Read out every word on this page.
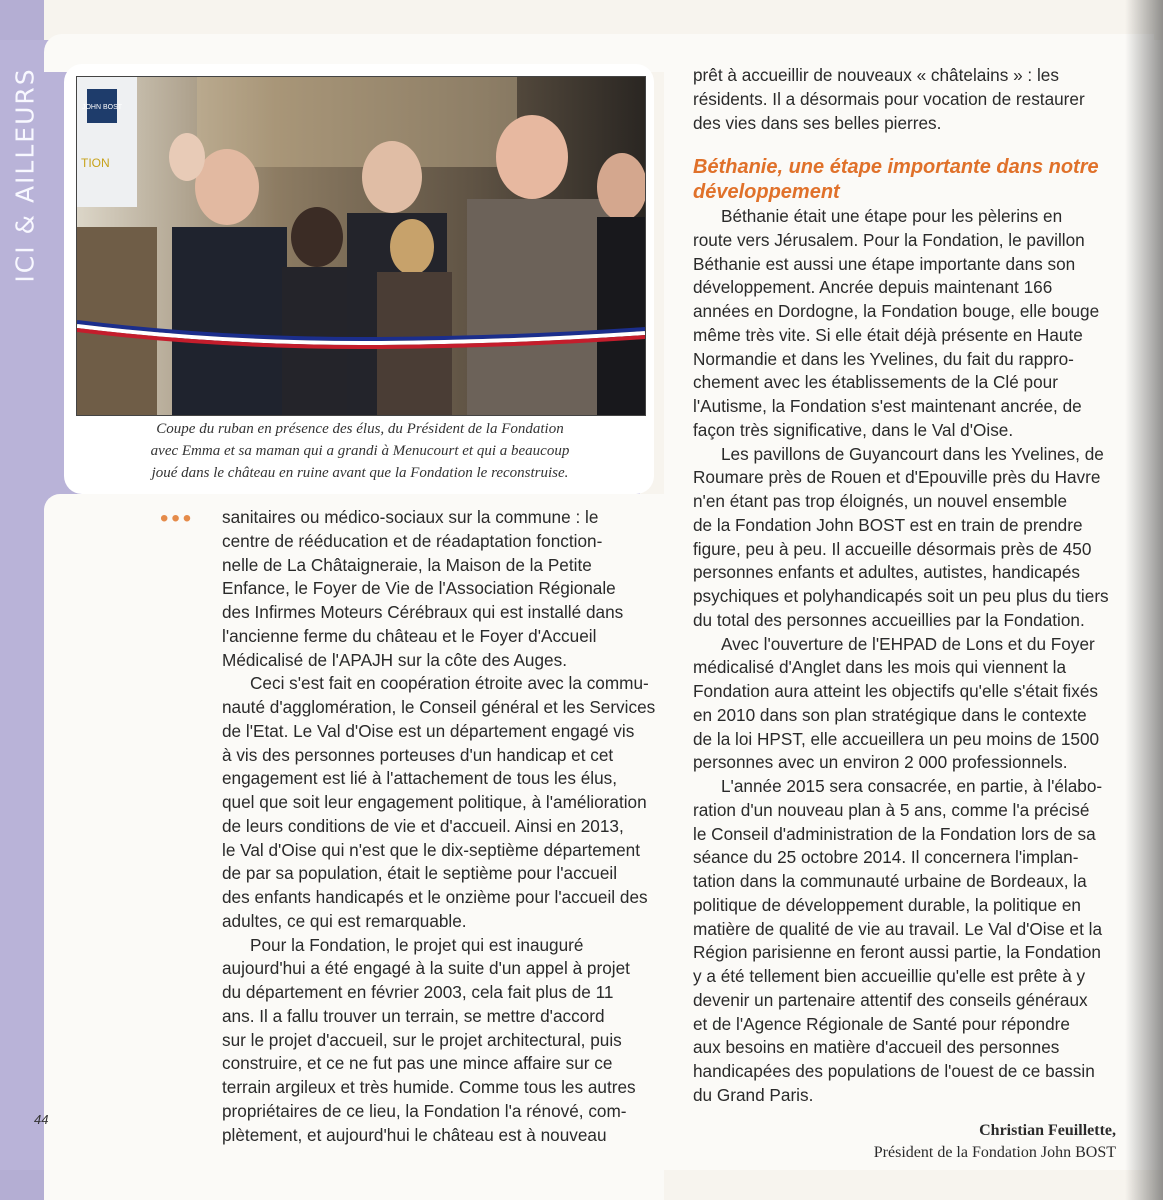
ICI & AILLEURS	JOHN BOST
TION
Coupe du ruban en présence des élus, du Président de la Fondation
avec Emma et sa maman qui a grandi à Menucourt et qui a beaucoup
joué dans le château en ruine avant que la Fondation le reconstruise.
•••	sanitaires ou médico-sociaux sur la commune : le
centre de rééducation et de réadaptation fonction-
nelle de La Châtaigneraie, la Maison de la Petite
Enfance, le Foyer de Vie de l'Association Régionale
des Infirmes Moteurs Cérébraux qui est installé dans
l'ancienne ferme du château et le Foyer d'Accueil
Médicalisé de l'APAJH sur la côte des Auges.
Ceci s'est fait en coopération étroite avec la commu-
nauté d'agglomération, le Conseil général et les Services
de l'Etat. Le Val d'Oise est un département engagé vis
à vis des personnes porteuses d'un handicap et cet
engagement est lié à l'attachement de tous les élus,
quel que soit leur engagement politique, à l'amélioration
de leurs conditions de vie et d'accueil. Ainsi en 2013,
le Val d'Oise qui n'est que le dix-septième département
de par sa population, était le septième pour l'accueil
des enfants handicapés et le onzième pour l'accueil des
adultes, ce qui est remarquable.
Pour la Fondation, le projet qui est inauguré
aujourd'hui a été engagé à la suite d'un appel à projet
du département en février 2003, cela fait plus de 11
ans. Il a fallu trouver un terrain, se mettre d'accord
sur le projet d'accueil, sur le projet architectural, puis
construire, et ce ne fut pas une mince affaire sur ce
terrain argileux et très humide. Comme tous les autres
propriétaires de ce lieu, la Fondation l'a rénové, com-
plètement, et aujourd'hui le château est à nouveau
prêt à accueillir de nouveaux « châtelains » : les
résidents. Il a désormais pour vocation de restaurer
des vies dans ses belles pierres.
Béthanie, une étape importante dans notre
développement
Béthanie était une étape pour les pèlerins en
route vers Jérusalem. Pour la Fondation, le pavillon
Béthanie est aussi une étape importante dans son
développement. Ancrée depuis maintenant 166
années en Dordogne, la Fondation bouge, elle bouge
même très vite. Si elle était déjà présente en Haute
Normandie et dans les Yvelines, du fait du rappro-
chement avec les établissements de la Clé pour
l'Autisme, la Fondation s'est maintenant ancrée, de
façon très significative, dans le Val d'Oise.
Les pavillons de Guyancourt dans les Yvelines, de
Roumare près de Rouen et d'Epouville près du Havre
n'en étant pas trop éloignés, un nouvel ensemble
de la Fondation John BOST est en train de prendre
figure, peu à peu. Il accueille désormais près de 450
personnes enfants et adultes, autistes, handicapés
psychiques et polyhandicapés soit un peu plus du tiers
du total des personnes accueillies par la Fondation.
Avec l'ouverture de l'EHPAD de Lons et du Foyer
médicalisé d'Anglet dans les mois qui viennent la
Fondation aura atteint les objectifs qu'elle s'était fixés
en 2010 dans son plan stratégique dans le contexte
de la loi HPST, elle accueillera un peu moins de 1500
personnes avec un environ 2 000 professionnels.
L'année 2015 sera consacrée, en partie, à l'élabo-
ration d'un nouveau plan à 5 ans, comme l'a précisé
le Conseil d'administration de la Fondation lors de sa
séance du 25 octobre 2014. Il concernera l'implan-
tation dans la communauté urbaine de Bordeaux, la
politique de développement durable, la politique en
matière de qualité de vie au travail. Le Val d'Oise et la
Région parisienne en feront aussi partie, la Fondation
y a été tellement bien accueillie qu'elle est prête à y
devenir un partenaire attentif des conseils généraux
et de l'Agence Régionale de Santé pour répondre
aux besoins en matière d'accueil des personnes
handicapées des populations de l'ouest de ce bassin
du Grand Paris.
Christian Feuillette,
Président de la Fondation John BOST
44
